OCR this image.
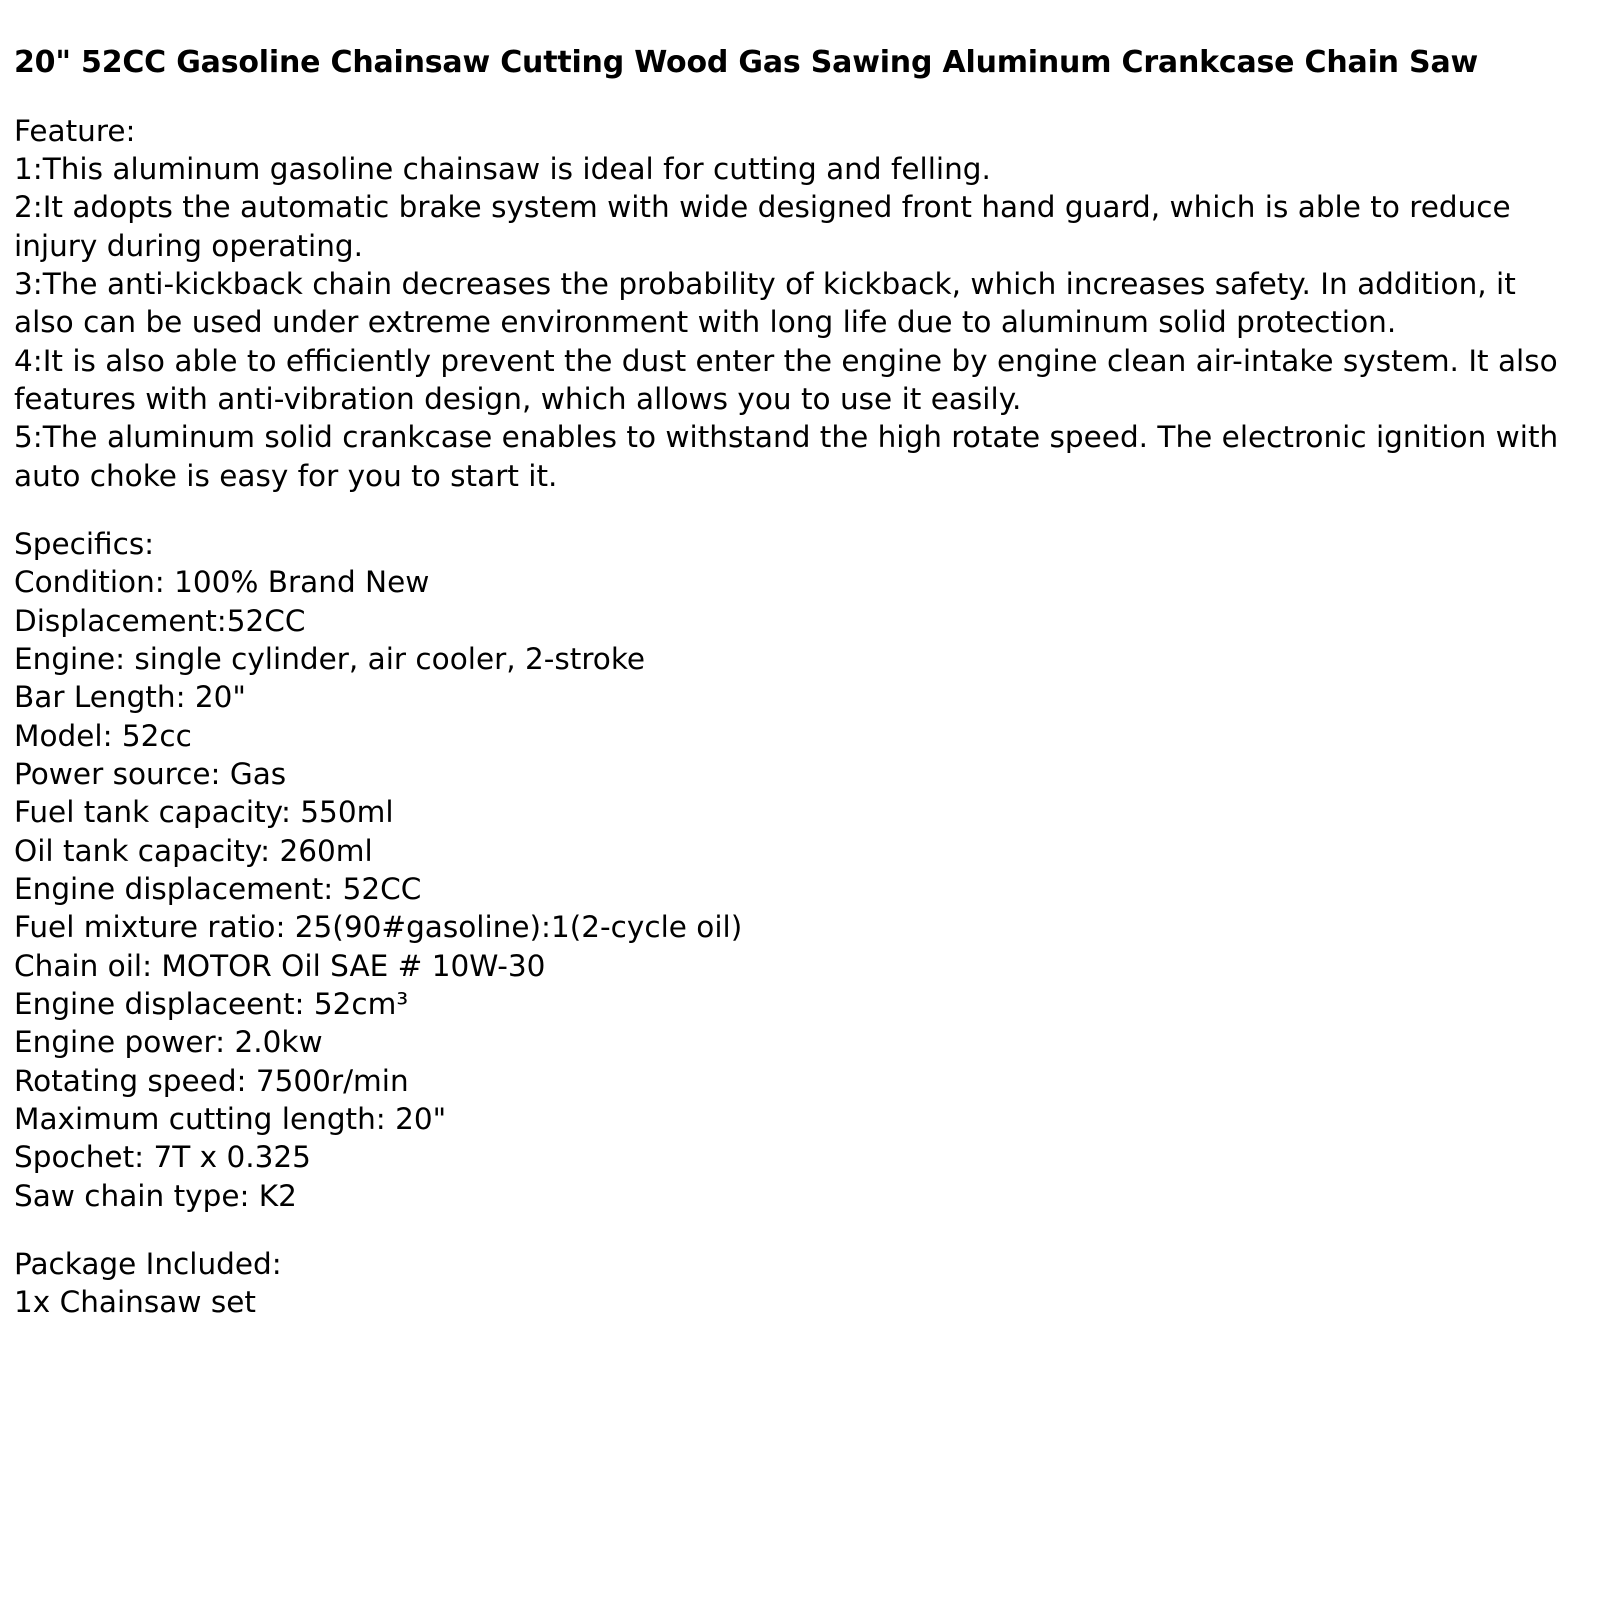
20" 52CC Gasoline Chainsaw Cutting Wood Gas Sawing Aluminum Crankcase Chain Saw
Feature:
1:This aluminum gasoline chainsaw is ideal for cutting and felling.
2:It adopts the automatic brake system with wide designed front hand guard, which is able to reduce injury during operating.
3:The anti-kickback chain decreases the probability of kickback, which increases safety. In addition, it also can be used under extreme environment with long life due to aluminum solid protection.
4:It is also able to efficiently prevent the dust enter the engine by engine clean air-intake system. It also features with anti-vibration design, which allows you to use it easily.
5:The aluminum solid crankcase enables to withstand the high rotate speed. The electronic ignition with auto choke is easy for you to start it.
Specifics:
Condition: 100% Brand New
Displacement:52CC
Engine: single cylinder, air cooler, 2-stroke
Bar Length: 20"
Model: 52cc
Power source: Gas
Fuel tank capacity: 550ml
Oil tank capacity: 260ml
Engine displacement: 52CC
Fuel mixture ratio: 25(90#gasoline):1(2-cycle oil)
Chain oil: MOTOR Oil SAE # 10W-30
Engine displaceent: 52cm³
Engine power: 2.0kw
Rotating speed: 7500r/min
Maximum cutting length: 20"
Spochet: 7T x 0.325
Saw chain type: K2
Package Included:
1x Chainsaw set
